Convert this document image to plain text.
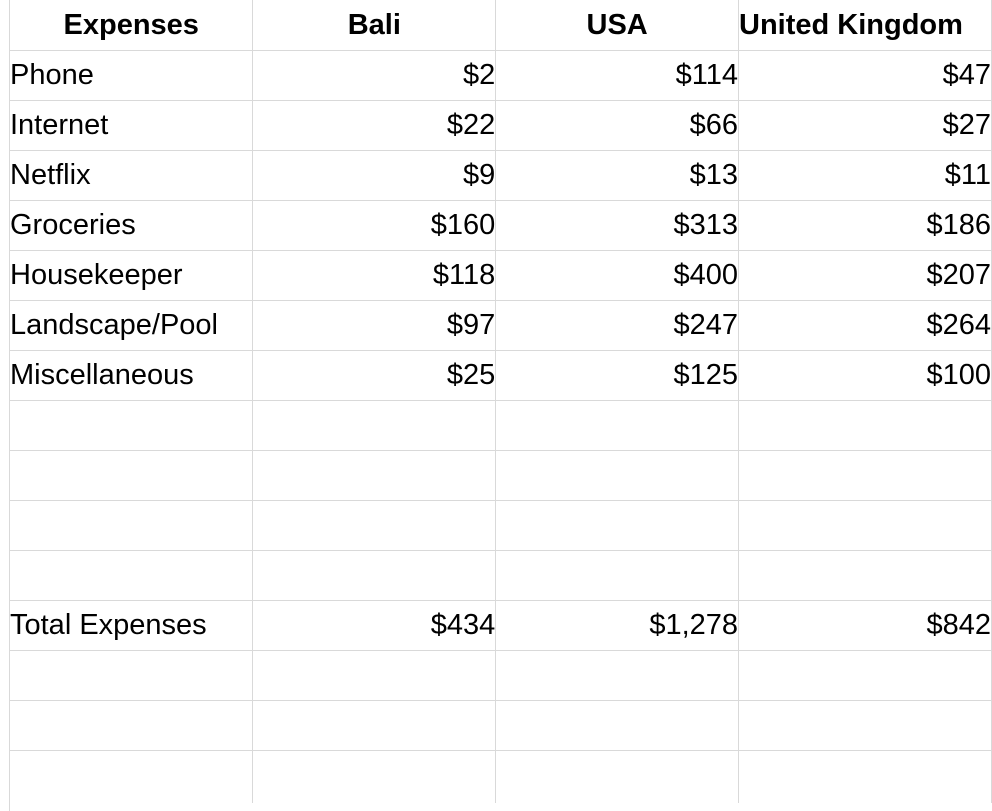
Expenses	Bali	USA	United Kingdom
Phone	$2	$114	$47
Internet	$22	$66	$27
Netflix	$9	$13	$11
Groceries	$160	$313	$186
Housekeeper	$118	$400	$207
Landscape/Pool	$97	$247	$264
Miscellaneous	$25	$125	$100

Total Expenses	$434	$1,278	$842
